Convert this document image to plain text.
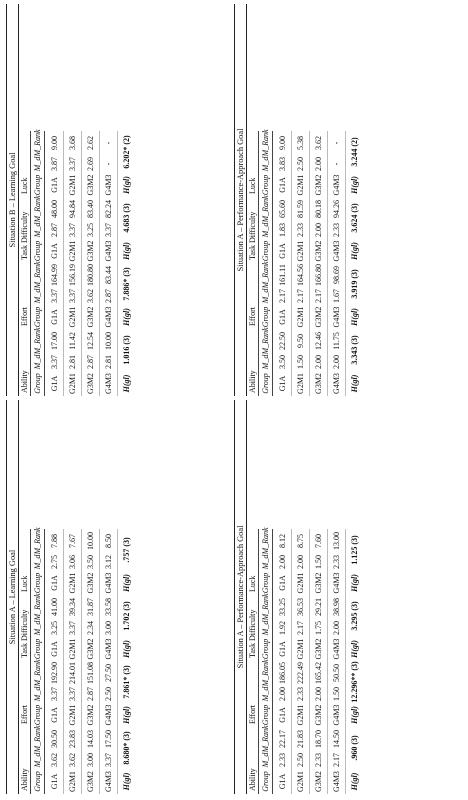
Situation A – Learning Goal
Ability
Effort
Task Difficulty
Luck
Group
M_d
M_Rank
Group
M_d
M_Rank
Group
M_d
M_Rank
Group
M_d
M_Rank
G1A
3.62
30.50
G1A
3.37
192.90
G1A
3.25
41.00
G1A
2.75
7.88
G2M1
3.62
23.83
G2M1
3.37
214.01
G2M1
3.37
39.34
G2M1
3.06
7.67
G3M2
3.00
14.03
G3M2
2.87
151.08
G3M2
2.34
31.87
G3M2
3.50
10.00
G4M3
3.37
17.50
G4M3
2.50
27.50
G4M3
3.00
33.58
G4M3
3.12
8.50
H(gl)
8.680* (3)
H(gl)
7.861* (3)
H(gl)
1.702 (3)
H(gl)
.757 (3)	Situation A – Performance-Approach Goal
Ability
Effort
Task Difficulty
Luck
Group
M_d
M_Rank
Group
M_d
M_Rank
Group
M_d
M_Rank
Group
M_d
M_Rank
G1A
2.33
22.17
G1A
2.00
186.05
G1A
1.92
33.25
G1A
2.00
8.12
G2M1
2.50
21.83
G2M1
2.33
222.49
G2M1
2.17
36.53
G2M1
2.00
8.75
G3M2
2.33
18.70
G3M2
2.00
165.42
G3M2
1.75
29.21
G3M2
1.50
7.60
G4M3
2.17
14.50
G4M3
1.50
50.50
G4M3
2.00
38.98
G4M3
2.33
13.00
H(gl)
.960 (3)
H(gl)
12.296** (3)
H(gl)
3.295 (3)
H(gl)
1.125 (3)
Situation B – Learning Goal
Ability
Effort
Task Difficulty
Luck
Group
M_d
M_Rank
Group
M_d
M_Rank
Group
M_d
M_Rank
Group
M_d
M_Rank
G1A
3.37
17.00
G1A
3.37
164.99
G1A
2.87
48.00
G1A
3.87
9.00
G2M1
2.81
11.42
G2M1
3.37
156.19
G2M1
3.37
94.84
G2M1
3.37
3.68
G3M2
2.87
12.54
G3M2
3.62
180.80
G3M2
3.25
83.40
G3M2
2.69
2.62
G4M3
2.81
10.00
G4M3
2.87
83.44
G4M3
3.37
82.24
G4M3
-
-
H(gl)
1.016 (3)
H(gl)
7.886* (3)
H(gl)
4.683 (3)
H(gl)
6.202* (2)	Situation A – Performance-Approach Goal
Ability
Effort
Task Difficulty
Luck
Group
M_d
M_Rank
Group
M_d
M_Rank
Group
M_d
M_Rank
Group
M_d
M_Rank
G1A
3.50
22.50
G1A
2.17
161.11
G1A
1.83
65.60
G1A
3.83
9.00
G2M1
1.50
9.50
G2M1
2.17
164.56
G2M1
2.33
81.59
G2M1
2.50
5.38
G3M2
2.00
12.46
G3M2
2.17
166.80
G3M2
2.00
80.18
G3M2
2.00
3.62
G4M3
2.00
11.75
G4M3
1.67
98.69
G4M3
2.33
94.26
G4M3
-
-
H(gl)
3.343 (3)
H(gl)
3.919 (3)
H(gl)
3.624 (3)
H(gl)
3.244 (2)
